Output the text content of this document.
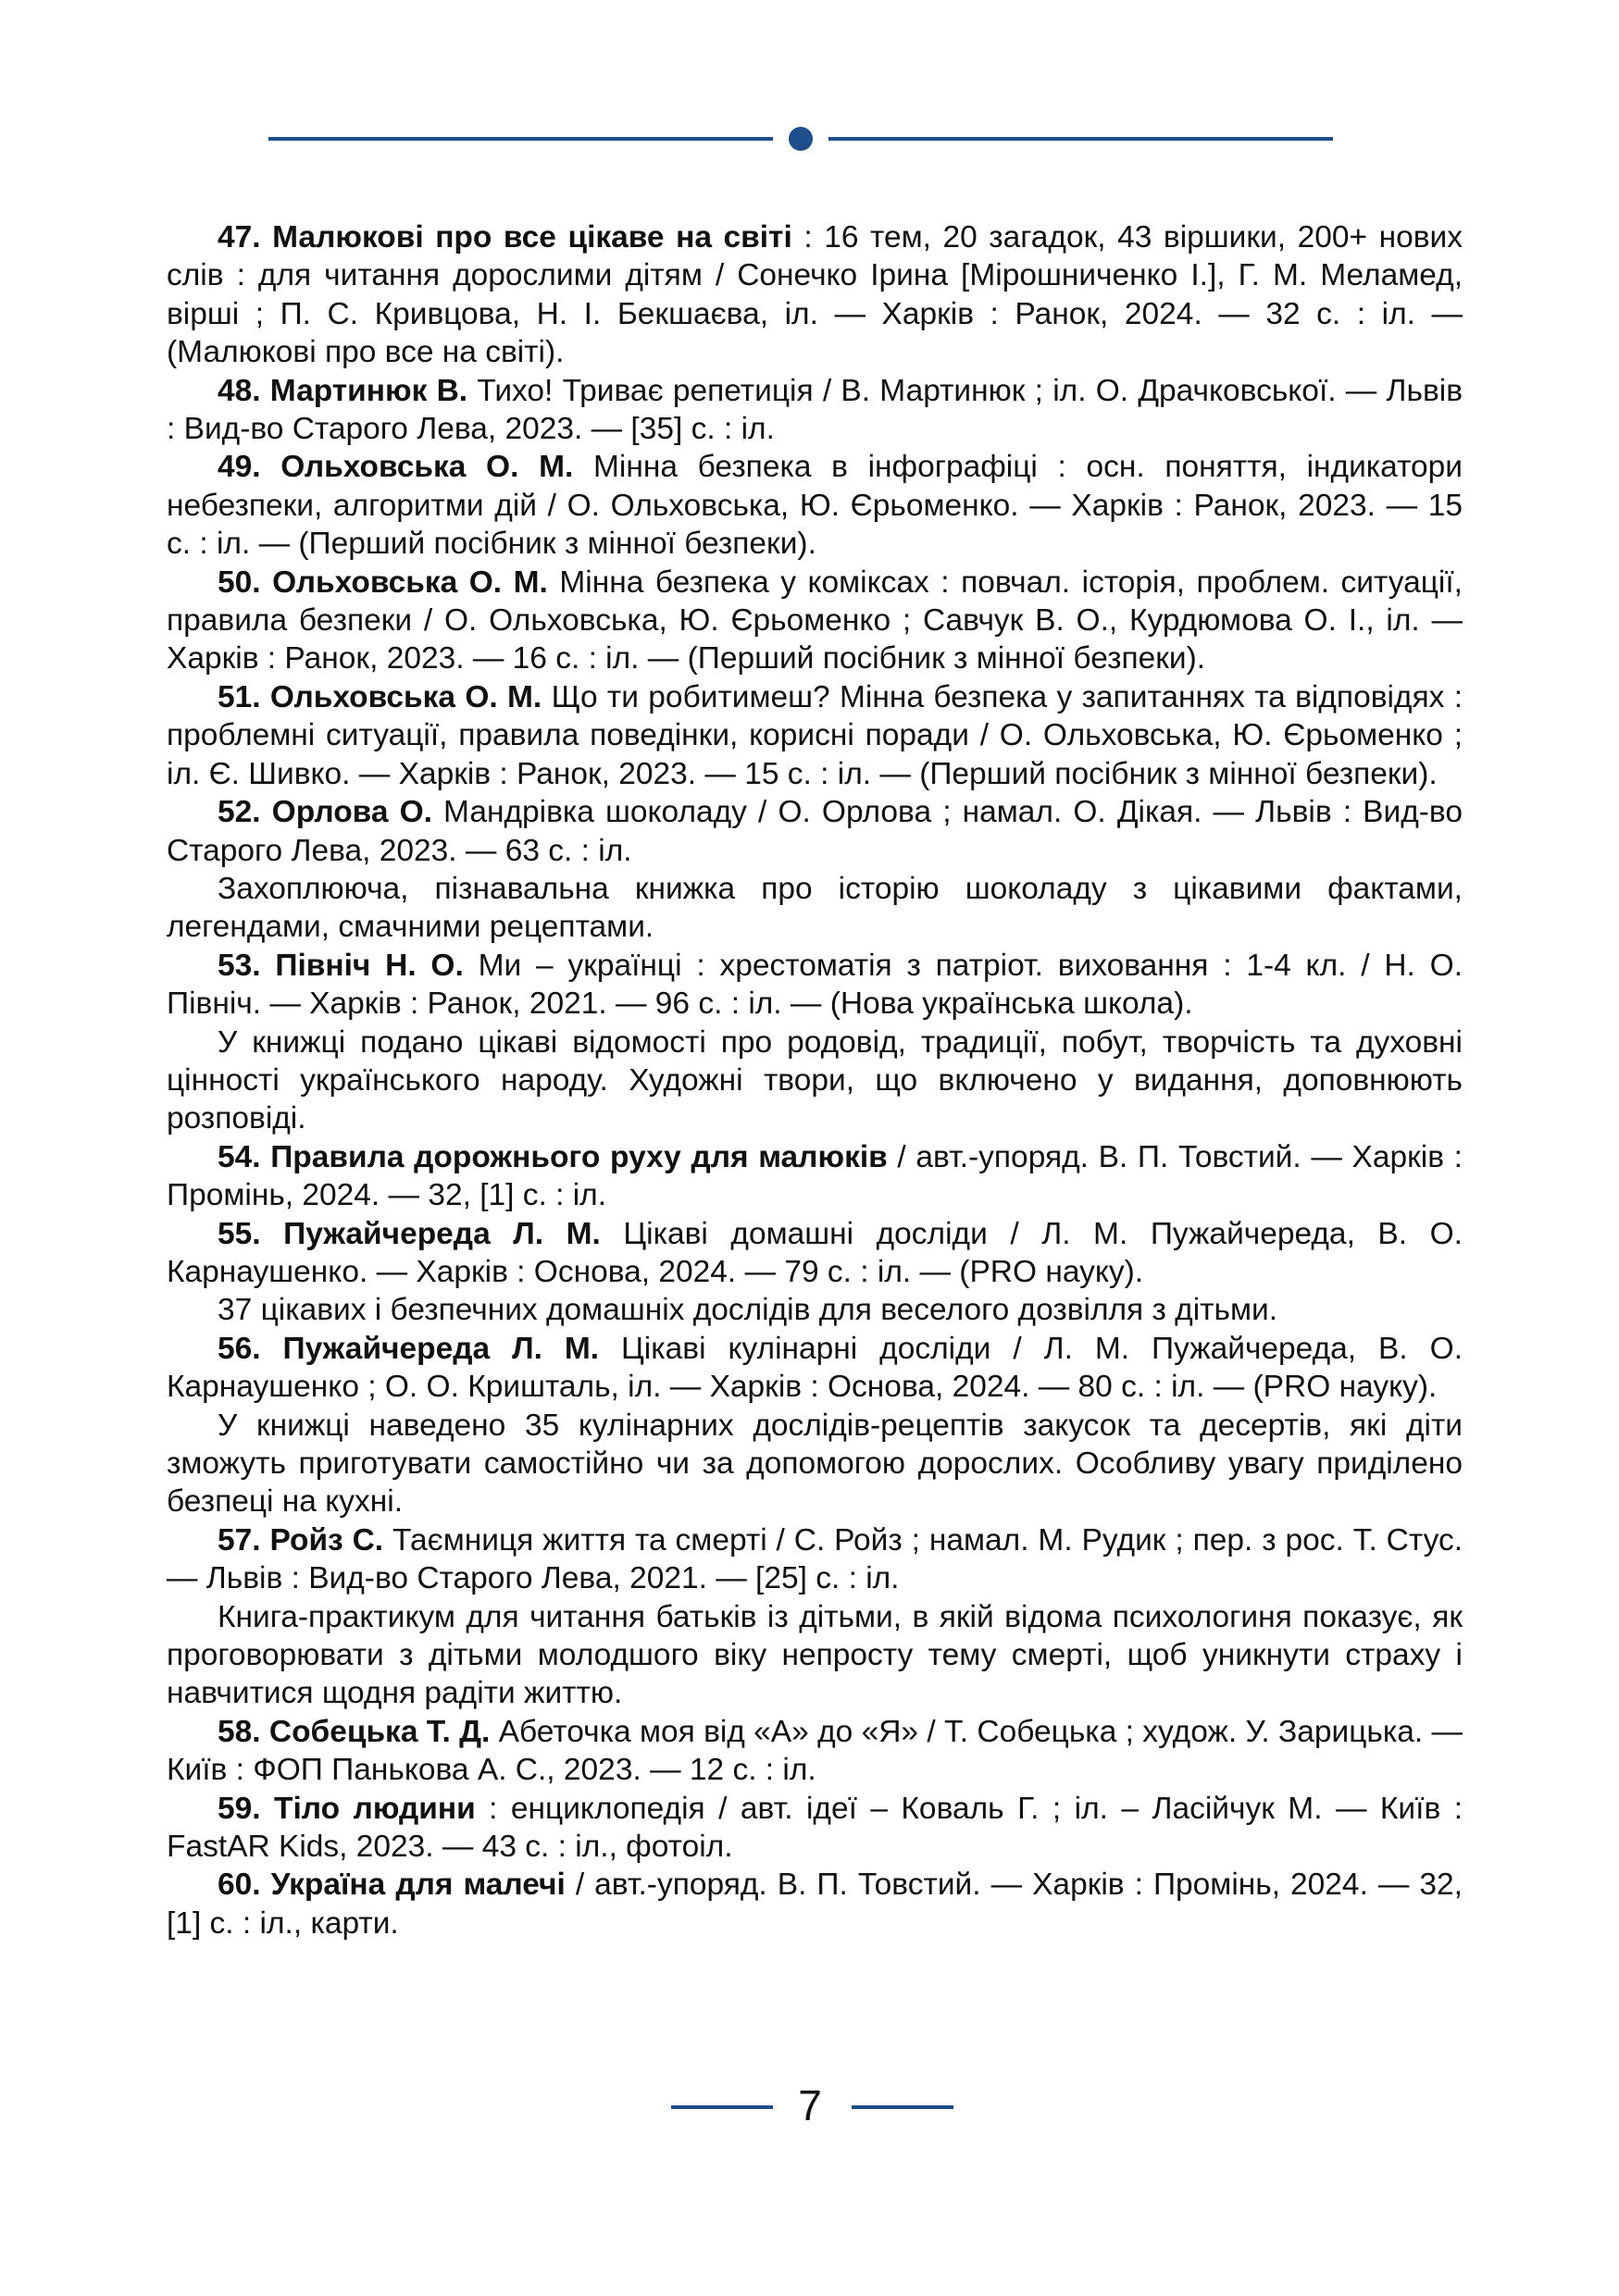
47. Малюкові про все цікаве на світі : 16 тем, 20 загадок, 43 віршики, 200+ нових слів : для читання дорослими дітям / Сонечко Ірина [Мірошниченко І.], Г. М. Меламед, вірші ; П. С. Кривцова, Н. І. Бекшаєва, іл. — Харків : Ранок, 2024. — 32 с. : іл. — (Малюкові про все на світі).

48. Мартинюк В. Тихо! Триває репетиція / В. Мартинюк ; іл. О. Драчковської. — Львів : Вид-во Старого Лева, 2023. — [35] с. : іл.

49. Ольховська О. М. Мінна безпека в інфографіці : осн. поняття, індикатори небезпеки, алгоритми дій / О. Ольховська, Ю. Єрьоменко. — Харків : Ранок, 2023. — 15 с. : іл. — (Перший посібник з мінної безпеки).

50. Ольховська О. М. Мінна безпека у коміксах : повчал. історія, проблем. ситуації, правила безпеки / О. Ольховська, Ю. Єрьоменко ; Савчук В. О., Курдюмова О. І., іл. — Харків : Ранок, 2023. — 16 с. : іл. — (Перший посібник з мінної безпеки).

51. Ольховська О. М. Що ти робитимеш? Мінна безпека у запитаннях та відповідях : проблемні ситуації, правила поведінки, корисні поради / О. Ольховська, Ю. Єрьоменко ; іл. Є. Шивко. — Харків : Ранок, 2023. — 15 с. : іл. — (Перший посібник з мінної безпеки).

52. Орлова О. Мандрівка шоколаду / О. Орлова ; намал. О. Дікая. — Львів : Вид-во Старого Лева, 2023. — 63 с. : іл.

Захоплююча, пізнавальна книжка про історію шоколаду з цікавими фактами, легендами, смачними рецептами.

53. Північ Н. О. Ми – українці : хрестоматія з патріот. виховання : 1-4 кл. / Н. О. Північ. — Харків : Ранок, 2021. — 96 с. : іл. — (Нова українська школа).

У книжці подано цікаві відомості про родовід, традиції, побут, творчість та духовні цінності українського народу. Художні твори, що включено у видання, доповнюють розповіді.

54. Правила дорожнього руху для малюків / авт.-упоряд. В. П. Товстий. — Харків : Промінь, 2024. — 32, [1] с. : іл.

55. Пужайчереда Л. М. Цікаві домашні досліди / Л. М. Пужайчереда, В. О. Карнаушенко. — Харків : Основа, 2024. — 79 с. : іл. — (PRO науку).

37 цікавих і безпечних домашніх дослідів для веселого дозвілля з дітьми.

56. Пужайчереда Л. М. Цікаві кулінарні досліди / Л. М. Пужайчереда, В. О. Карнаушенко ; О. О. Кришталь, іл. — Харків : Основа, 2024. — 80 с. : іл. — (PRO науку).

У книжці наведено 35 кулінарних дослідів-рецептів закусок та десертів, які діти зможуть приготувати самостійно чи за допомогою дорослих. Особливу увагу приділено безпеці на кухні.

57. Ройз С. Таємниця життя та смерті / С. Ройз ; намал. М. Рудик ; пер. з рос. Т. Стус. — Львів : Вид-во Старого Лева, 2021. — [25] с. : іл.

Книга-практикум для читання батьків із дітьми, в якій відома психологиня показує, як проговорювати з дітьми молодшого віку непросту тему смерті, щоб уникнути страху і навчитися щодня радіти життю.

58. Собецька Т. Д. Абеточка моя від «А» до «Я» / Т. Собецька ; худож. У. Зарицька. — Київ : ФОП Панькова А. С., 2023. — 12 с. : іл.

59. Тіло людини : енциклопедія / авт. ідеї – Коваль Г. ; іл. – Ласійчук М. — Київ : FastAR Kids, 2023. — 43 с. : іл., фотоіл.

60. Україна для малечі / авт.-упоряд. В. П. Товстий. — Харків : Промінь, 2024. — 32, [1] с. : іл., карти.

7
